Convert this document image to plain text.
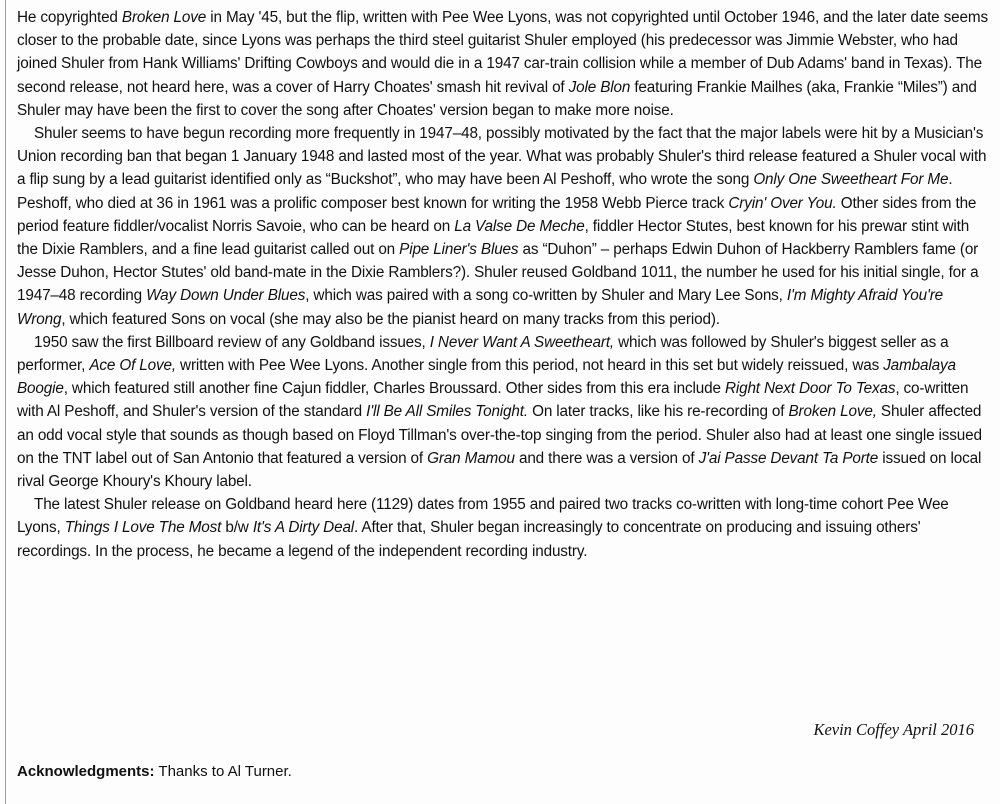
He copyrighted Broken Love in May '45, but the flip, written with Pee Wee Lyons, was not copyrighted until October 1946, and the later date seems closer to the probable date, since Lyons was perhaps the third steel guitarist Shuler employed (his predecessor was Jimmie Webster, who had joined Shuler from Hank Williams' Drifting Cowboys and would die in a 1947 car-train collision while a member of Dub Adams' band in Texas). The second release, not heard here, was a cover of Harry Choates' smash hit revival of Jole Blon featuring Frankie Mailhes (aka, Frankie “Miles”) and Shuler may have been the first to cover the song after Choates' version began to make more noise.

Shuler seems to have begun recording more frequently in 1947–48, possibly motivated by the fact that the major labels were hit by a Musician's Union recording ban that began 1 January 1948 and lasted most of the year. What was probably Shuler's third release featured a Shuler vocal with a flip sung by a lead guitarist identified only as “Buckshot”, who may have been Al Peshoff, who wrote the song Only One Sweetheart For Me. Peshoff, who died at 36 in 1961 was a prolific composer best known for writing the 1958 Webb Pierce track Cryin' Over You. Other sides from the period feature fiddler/vocalist Norris Savoie, who can be heard on La Valse De Meche, fiddler Hector Stutes, best known for his prewar stint with the Dixie Ramblers, and a fine lead guitarist called out on Pipe Liner's Blues as “Duhon” – perhaps Edwin Duhon of Hackberry Ramblers fame (or Jesse Duhon, Hector Stutes' old band-mate in the Dixie Ramblers?). Shuler reused Goldband 1011, the number he used for his initial single, for a 1947–48 recording Way Down Under Blues, which was paired with a song co-written by Shuler and Mary Lee Sons, I'm Mighty Afraid You're Wrong, which featured Sons on vocal (she may also be the pianist heard on many tracks from this period).

1950 saw the first Billboard review of any Goldband issues, I Never Want A Sweetheart, which was followed by Shuler's biggest seller as a performer, Ace Of Love, written with Pee Wee Lyons. Another single from this period, not heard in this set but widely reissued, was Jambalaya Boogie, which featured still another fine Cajun fiddler, Charles Broussard. Other sides from this era include Right Next Door To Texas, co-written with Al Peshoff, and Shuler's version of the standard I'll Be All Smiles Tonight. On later tracks, like his re-recording of Broken Love, Shuler affected an odd vocal style that sounds as though based on Floyd Tillman's over-the-top singing from the period. Shuler also had at least one single issued on the TNT label out of San Antonio that featured a version of Gran Mamou and there was a version of J'ai Passe Devant Ta Porte issued on local rival George Khoury's Khoury label.

The latest Shuler release on Goldband heard here (1129) dates from 1955 and paired two tracks co-written with long-time cohort Pee Wee Lyons, Things I Love The Most b/w It's A Dirty Deal. After that, Shuler began increasingly to concentrate on producing and issuing others' recordings. In the process, he became a legend of the independent recording industry.

Kevin Coffey April 2016
Acknowledgments: Thanks to Al Turner.
